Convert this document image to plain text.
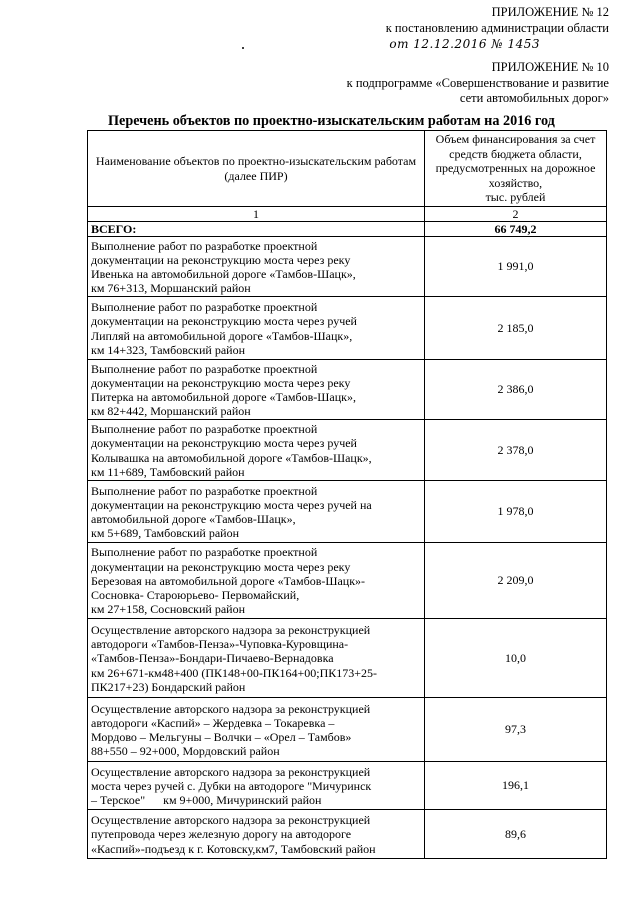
ПРИЛОЖЕНИЕ № 12
к постановлению администрации области
от 12.12.2016 № 1453
ПРИЛОЖЕНИЕ № 10
к подпрограмме «Совершенствование и развитие
сети автомобильных дорог»
Перечень объектов по проектно-изыскательским работам на 2016 год
Наименование объектов по проектно-изыскательским работам (далее ПИР)	Объем финансирования за счет
средств бюджета области,
предусмотренных на дорожное
хозяйство,
тыс. рублей

1	2
ВСЕГО:	66 749,2

Выполнение работ по разработке проектной
документации на реконструкцию моста через реку
Ивенька на автомобильной дороге «Тамбов-Шацк»,
км 76+313, Моршанский район	1 991,0

Выполнение работ по разработке проектной
документации на реконструкцию моста через ручей
Липляй на автомобильной дороге «Тамбов-Шацк»,
км 14+323, Тамбовский район	2 185,0

Выполнение работ по разработке проектной
документации на реконструкцию моста через реку
Питерка на автомобильной дороге «Тамбов-Шацк»,
км 82+442, Моршанский район	2 386,0

Выполнение работ по разработке проектной
документации на реконструкцию моста через ручей
Колывашка на автомобильной дороге «Тамбов-Шацк»,
км 11+689, Тамбовский район	2 378,0

Выполнение работ по разработке проектной
документации на реконструкцию моста через ручей на
автомобильной дороге «Тамбов-Шацк»,
км 5+689, Тамбовский район	1 978,0

Выполнение работ по разработке проектной
документации на реконструкцию моста через реку
Березовая на автомобильной дороге «Тамбов-Шацк»-
Сосновка- Староюрьево- Первомайский,
км 27+158, Сосновский район	2 209,0

Осуществление авторского надзора за реконструкцией
автодороги «Тамбов-Пенза»-Чуповка-Куровщина-
«Тамбов-Пенза»-Бондари-Пичаево-Вернадовка
км 26+671-км48+400 (ПК148+00-ПК164+00;ПК173+25-
ПК217+23) Бондарский район	10,0

Осуществление авторского надзора за реконструкцией
автодороги «Каспий» – Жердевка – Токаревка –
Мордово – Мельгуны – Волчки – «Орел – Тамбов»
88+550 – 92+000, Мордовский район	97,3

Осуществление авторского надзора за реконструкцией
моста через ручей с. Дубки на автодороге "Мичуринск
– Терское"      км 9+000, Мичуринский район	196,1

Осуществление авторского надзора за реконструкцией
путепровода через железную дорогу на автодороге
«Каспий»-подъезд к г. Котовску,км7, Тамбовский район	89,6
